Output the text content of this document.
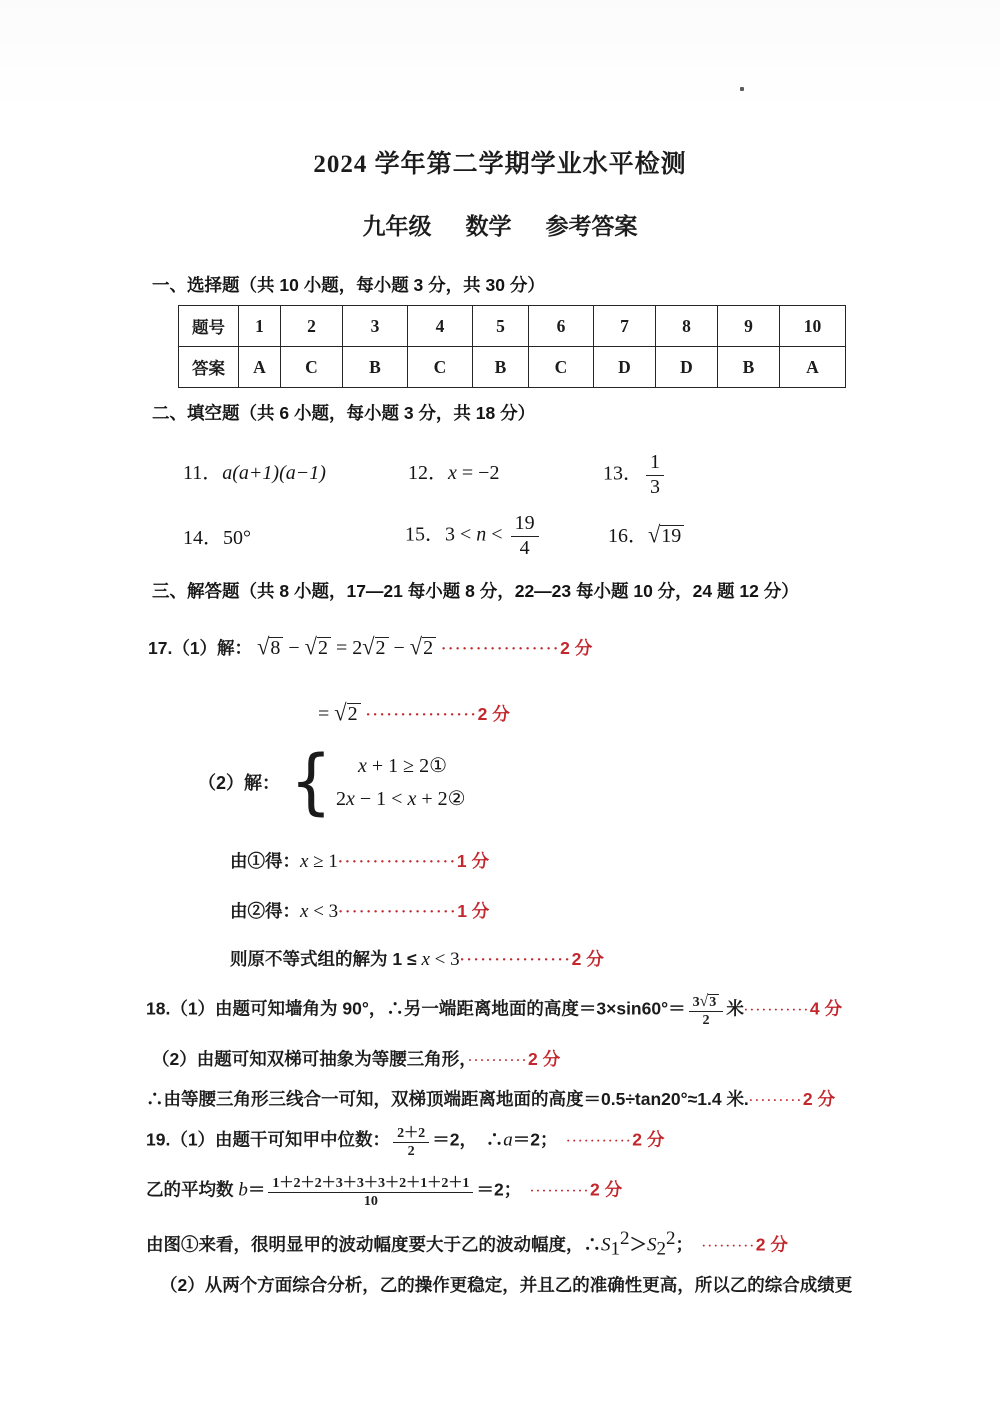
2024 学年第二学期学业水平检测
九年级 数学 参考答案
一、选择题（共 10 小题，每小题 3 分，共 30 分）
题号	1	2	3	4	5	6	7	8	9	10
答案	A	C	B	C	B	C	D	D	B	A
二、填空题（共 6 小题，每小题 3 分，共 18 分）
11．a(a+1)(a−1)	12．x = −2	13． $\frac{1}{3}$
14．50°	15．$3 < n < \frac{19}{4}$	16．√19
三、解答题（共 8 小题，17—21 每小题 8 分，22—23 每小题 10 分，24 题 12 分）
17.（1）解： √8 − √2 = 2√2 − √2 ·················2 分
= √2 ················2 分
（2）解： { x + 1 ≥ 2①
2x − 1 < x + 2②
由①得：x ≥ 1·················1 分
由②得：x < 3·················1 分
则原不等式组的解为 1 ≤ x < 3················2 分
18.（1）由题可知墙角为 90°，∴另一端距离地面的高度$=3\times\sin 60^\circ= \frac{3√3}{2}$ 米···········4 分
（2）由题可知双梯可抽象为等腰三角形，··········2 分
∴由等腰三角形三线合一可知，双梯顶端距离地面的高度＝0.5÷tan20°≈1.4 米.·········2 分
19.（1）由题干可知甲中位数： $\frac{2+2}{2} =2$，　∴a＝2；　···········2 分
乙的平均数 $b= \frac{1+2+2+3+3+3+2+1+2+1}{10} =2$；　··········2 分
由图①来看，很明显甲的波动幅度要大于乙的波动幅度，$\therefore S_1^2>S_2^2$；　·········2 分
（2）从两个方面综合分析，乙的操作更稳定，并且乙的准确性更高，所以乙的综合成绩更
